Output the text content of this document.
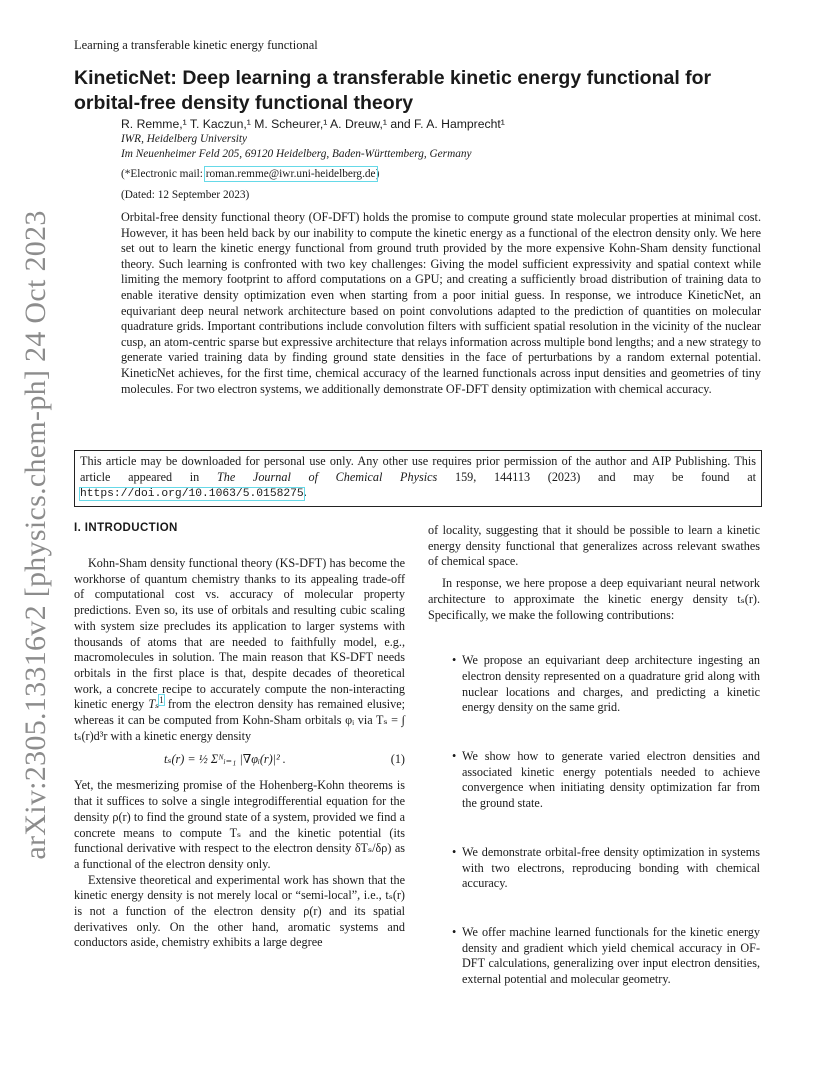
Learning a transferable kinetic energy functional
KineticNet: Deep learning a transferable kinetic energy functional for orbital-free density functional theory
R. Remme,¹ T. Kaczun,¹ M. Scheurer,¹ A. Dreuw,¹ and F. A. Hamprecht¹
IWR, Heidelberg University
Im Neuenheimer Feld 205, 69120 Heidelberg, Baden-Württemberg, Germany
(*Electronic mail: roman.remme@iwr.uni-heidelberg.de)
(Dated: 12 September 2023)
Orbital-free density functional theory (OF-DFT) holds the promise to compute ground state molecular properties at minimal cost. However, it has been held back by our inability to compute the kinetic energy as a functional of the electron density only. We here set out to learn the kinetic energy functional from ground truth provided by the more expensive Kohn-Sham density functional theory. Such learning is confronted with two key challenges: Giving the model sufficient expressivity and spatial context while limiting the memory footprint to afford computations on a GPU; and creating a sufficiently broad distribution of training data to enable iterative density optimization even when starting from a poor initial guess. In response, we introduce KineticNet, an equivariant deep neural network architecture based on point convolutions adapted to the prediction of quantities on molecular quadrature grids. Important contributions include convolution filters with sufficient spatial resolution in the vicinity of the nuclear cusp, an atom-centric sparse but expressive architecture that relays information across multiple bond lengths; and a new strategy to generate varied training data by finding ground state densities in the face of perturbations by a random external potential. KineticNet achieves, for the first time, chemical accuracy of the learned functionals across input densities and geometries of tiny molecules. For two electron systems, we additionally demonstrate OF-DFT density optimization with chemical accuracy.
This article may be downloaded for personal use only. Any other use requires prior permission of the author and AIP Publishing. This article appeared in The Journal of Chemical Physics 159, 144113 (2023) and may be found at https://doi.org/10.1063/5.0158275.
arXiv:2305.13316v2 [physics.chem-ph] 24 Oct 2023 I. INTRODUCTION

Kohn-Sham density functional theory (KS-DFT) has become the workhorse of quantum chemistry thanks to its appealing trade-off of computational cost vs. accuracy of molecular property predictions. Even so, its use of orbitals and resulting cubic scaling with system size precludes its application to larger systems with thousands of atoms that are needed to faithfully model, e.g., macromolecules in solution. The main reason that KS-DFT needs orbitals in the first place is that, despite decades of theoretical work, a concrete recipe to accurately compute the non-interacting kinetic energy Tₛ$^1$ from the electron density has remained elusive; whereas it can be computed from Kohn-Sham orbitals φᵢ via Tₛ = ∫ tₛ(r)d³r with a kinetic energy density

tₛ(r) = ½ Σᴺᵢ₌₁ |∇φᵢ(r)|² .	(1)

Yet, the mesmerizing promise of the Hohenberg-Kohn theorems is that it suffices to solve a single integrodifferential equation for the density ρ(r) to find the ground state of a system, provided we find a concrete means to compute Tₛ and the kinetic potential (its functional derivative with respect to the electron density δTₛ/δρ) as a functional of the electron density only.

Extensive theoretical and experimental work has shown that the kinetic energy density is not merely local or “semi-local”, i.e., tₛ(r) is not a function of the electron density ρ(r) and its spatial derivatives only. On the other hand, aromatic systems and conductors aside, chemistry exhibits a large degree

of locality, suggesting that it should be possible to learn a kinetic energy density functional that generalizes across relevant swathes of chemical space.

In response, we here propose a deep equivariant neural network architecture to approximate the kinetic energy density tₛ(r). Specifically, we make the following contributions:

• We propose an equivariant deep architecture ingesting an electron density represented on a quadrature grid along with nuclear locations and charges, and predicting a kinetic energy density on the same grid.
• We show how to generate varied electron densities and associated kinetic energy potentials needed to achieve convergence when initiating density optimization far from the ground state.
• We demonstrate orbital-free density optimization in systems with two electrons, reproducing bonding with chemical accuracy.
• We offer machine learned functionals for the kinetic energy density and gradient which yield chemical accuracy in OF-DFT calculations, generalizing over input electron densities, external potential and molecular geometry.
